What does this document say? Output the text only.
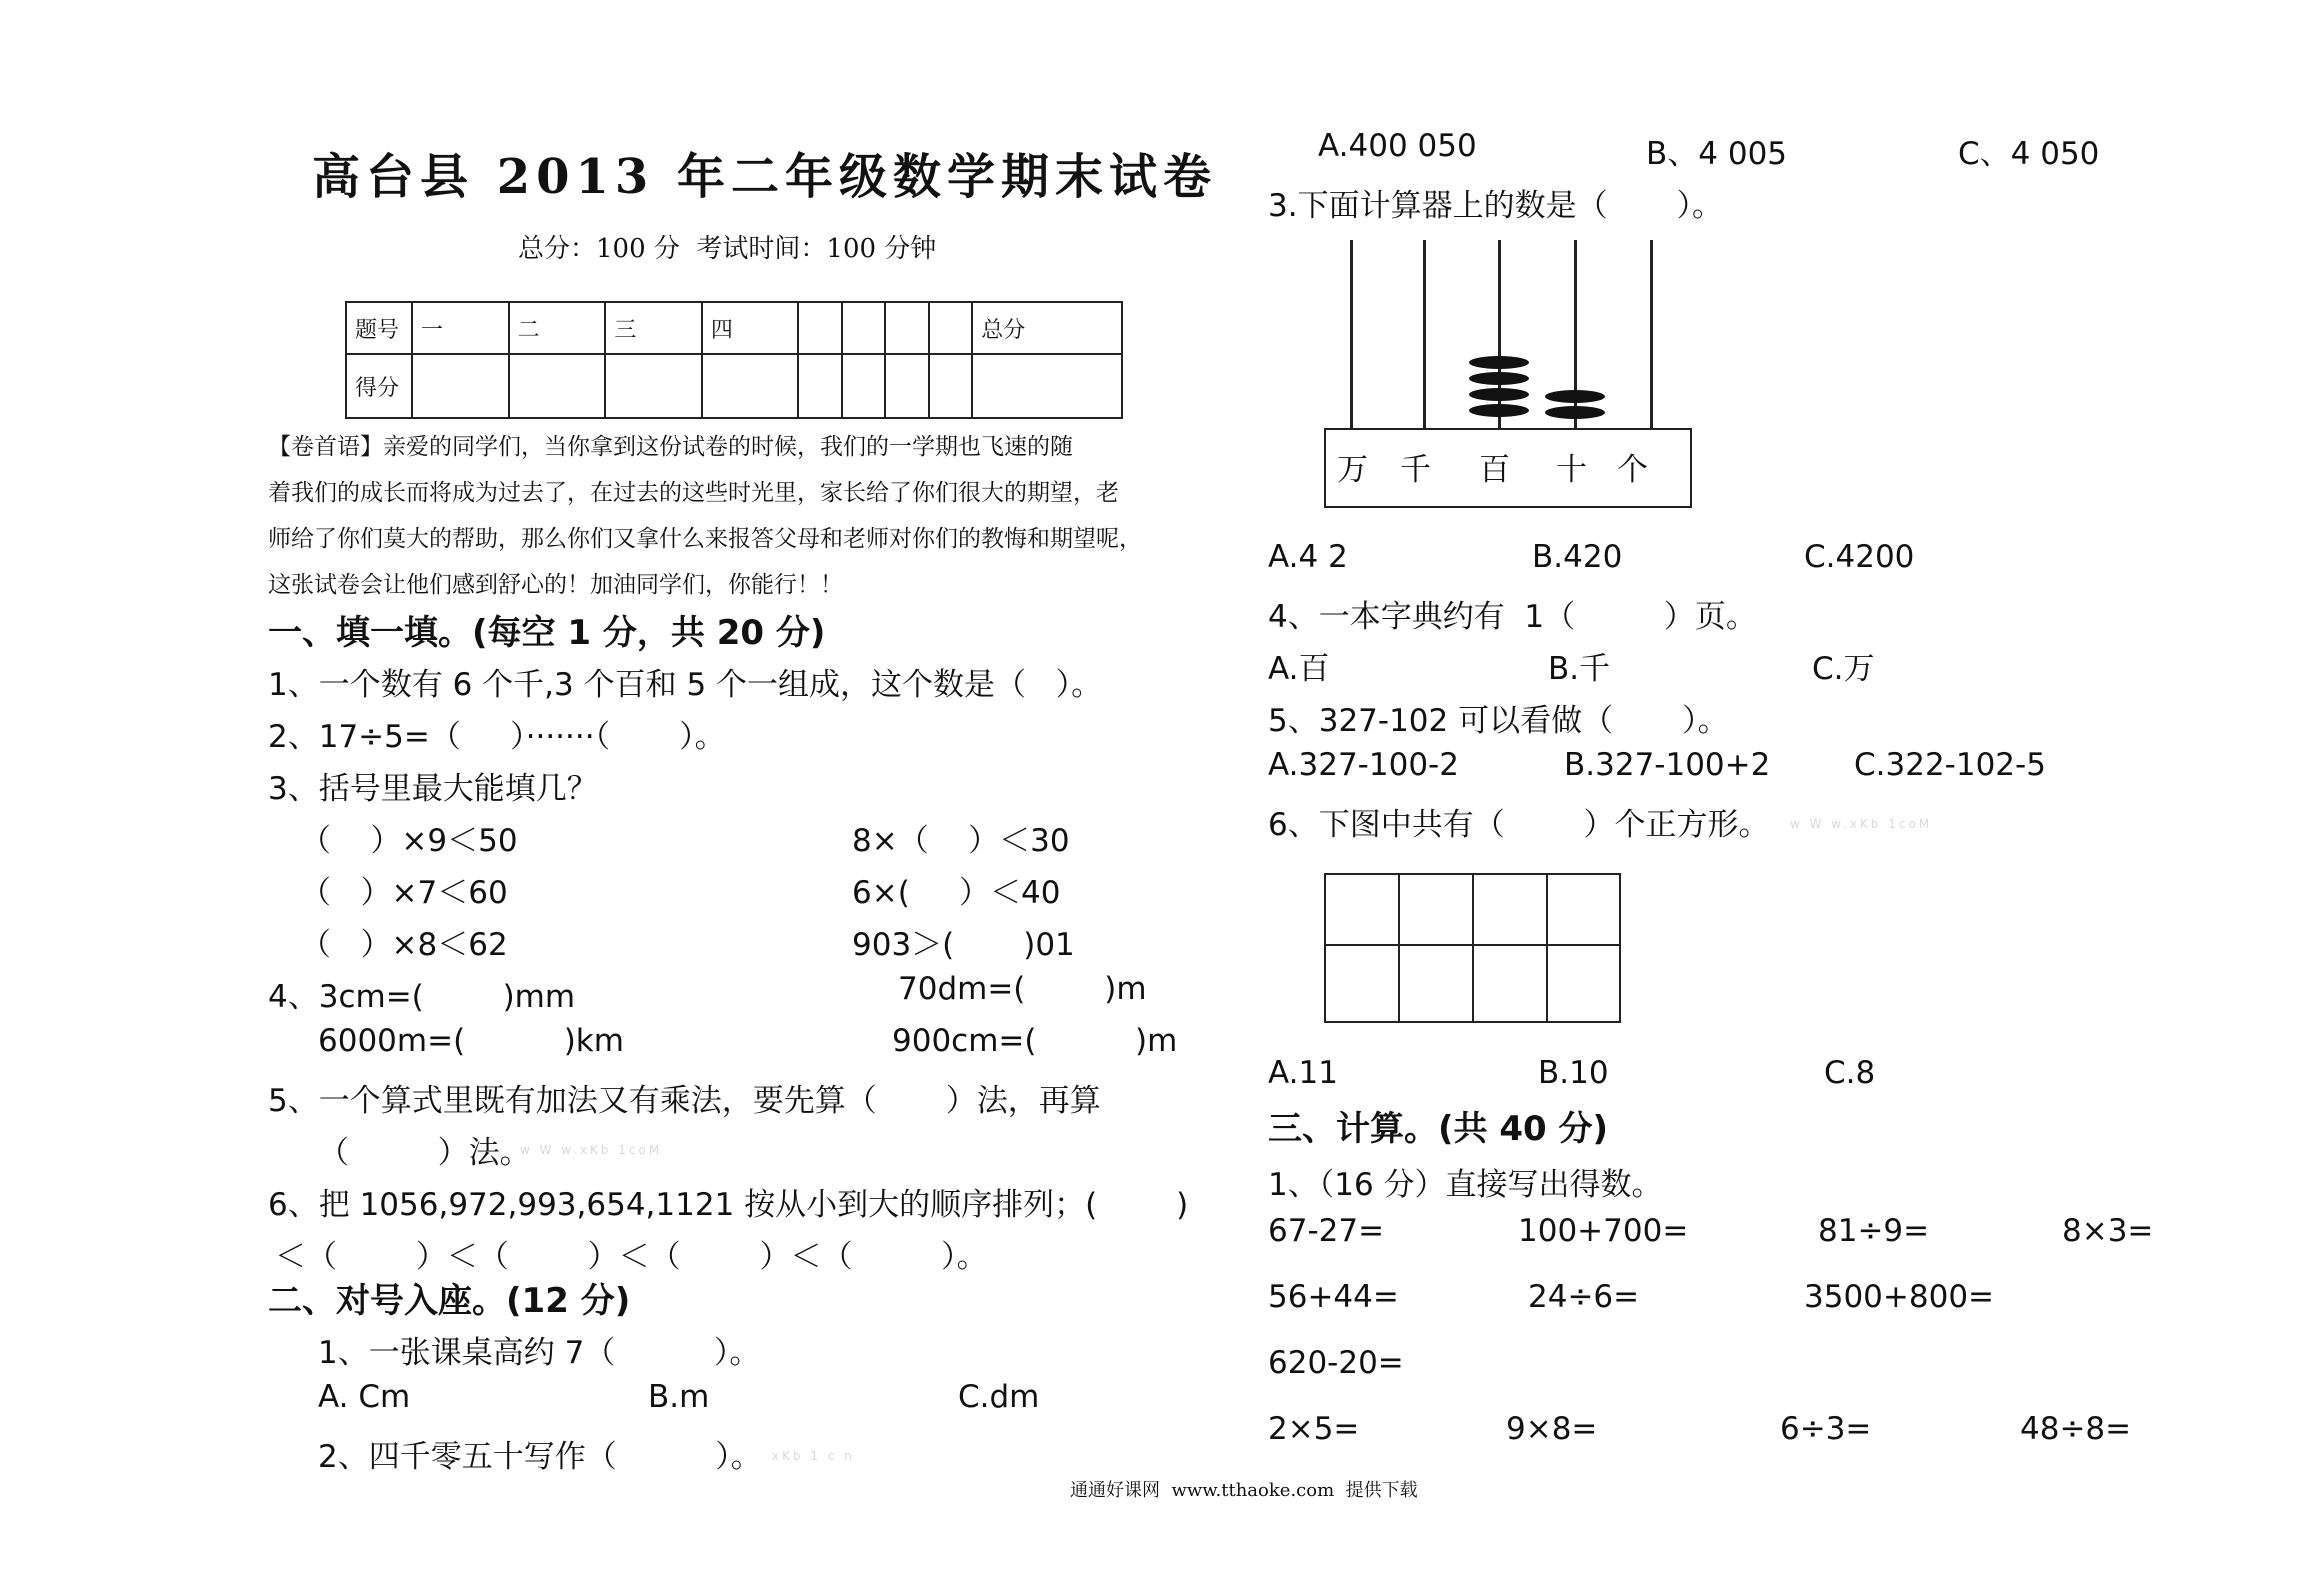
高台县 2013 年二年级数学期末试卷
总分：100 分  考试时间：100 分钟
题号	一	二	三	四					总分
得分									
【卷首语】亲爱的同学们，当你拿到这份试卷的时候，我们的一学期也飞速的随
着我们的成长而将成为过去了，在过去的这些时光里，家长给了你们很大的期望，老
师给了你们莫大的帮助，那么你们又拿什么来报答父母和老师对你们的教悔和期望呢，
这张试卷会让他们感到舒心的！加油同学们，你能行！！
一、填一填。(每空 1 分，共 20 分)
1、一个数有 6 个千,3 个百和 5 个一组成，这个数是（   ）。
2、17÷5=（     ）·······（       ）。
3、括号里最大能填几？
（    ）×9＜50	8×（    ）＜30
（   ）×7＜60	6×(     ）＜40
（   ）×8＜62	903＞(       )01
4、3cm=(        )mm	70dm=(        )m
6000m=(          )km	900cm=(          )m
5、一个算式里既有加法又有乘法，要先算（       ）法，再算
（         ）法。
w W w.xKb 1coM
6、把 1056,972,993,654,1121 按从小到大的顺序排列；(        )
＜（        ）＜（        ）＜（        ）＜（         ）。
二、对号入座。(12 分)
1、一张课桌高约 7（          ）。
A. Cm	B.m	C.dm
2、四千零五十写作（          ）。 xKb 1 c n
A.400 050	B、4 005	C、4 050
3.下面计算器上的数是（       ）。
万 千 百 十 个
A.4 2	B.420	C.4200
4、一本字典约有  1（         ）页。
A.百	B.千	C.万
5、327-102 可以看做（       ）。
A.327-100-2	B.327-100+2	C.322-102-5
6、下图中共有（        ）个正方形。 w W w.xKb 1coM
A.11	B.10	C.8
三、计算。(共 40 分)
1、（16 分）直接写出得数。
67-27=	100+700=	81÷9=	8×3=
56+44=	24÷6=	3500+800=
620-20=
2×5=	9×8=	6÷3=	48÷8=
通通好课网  www.tthaoke.com  提供下载
